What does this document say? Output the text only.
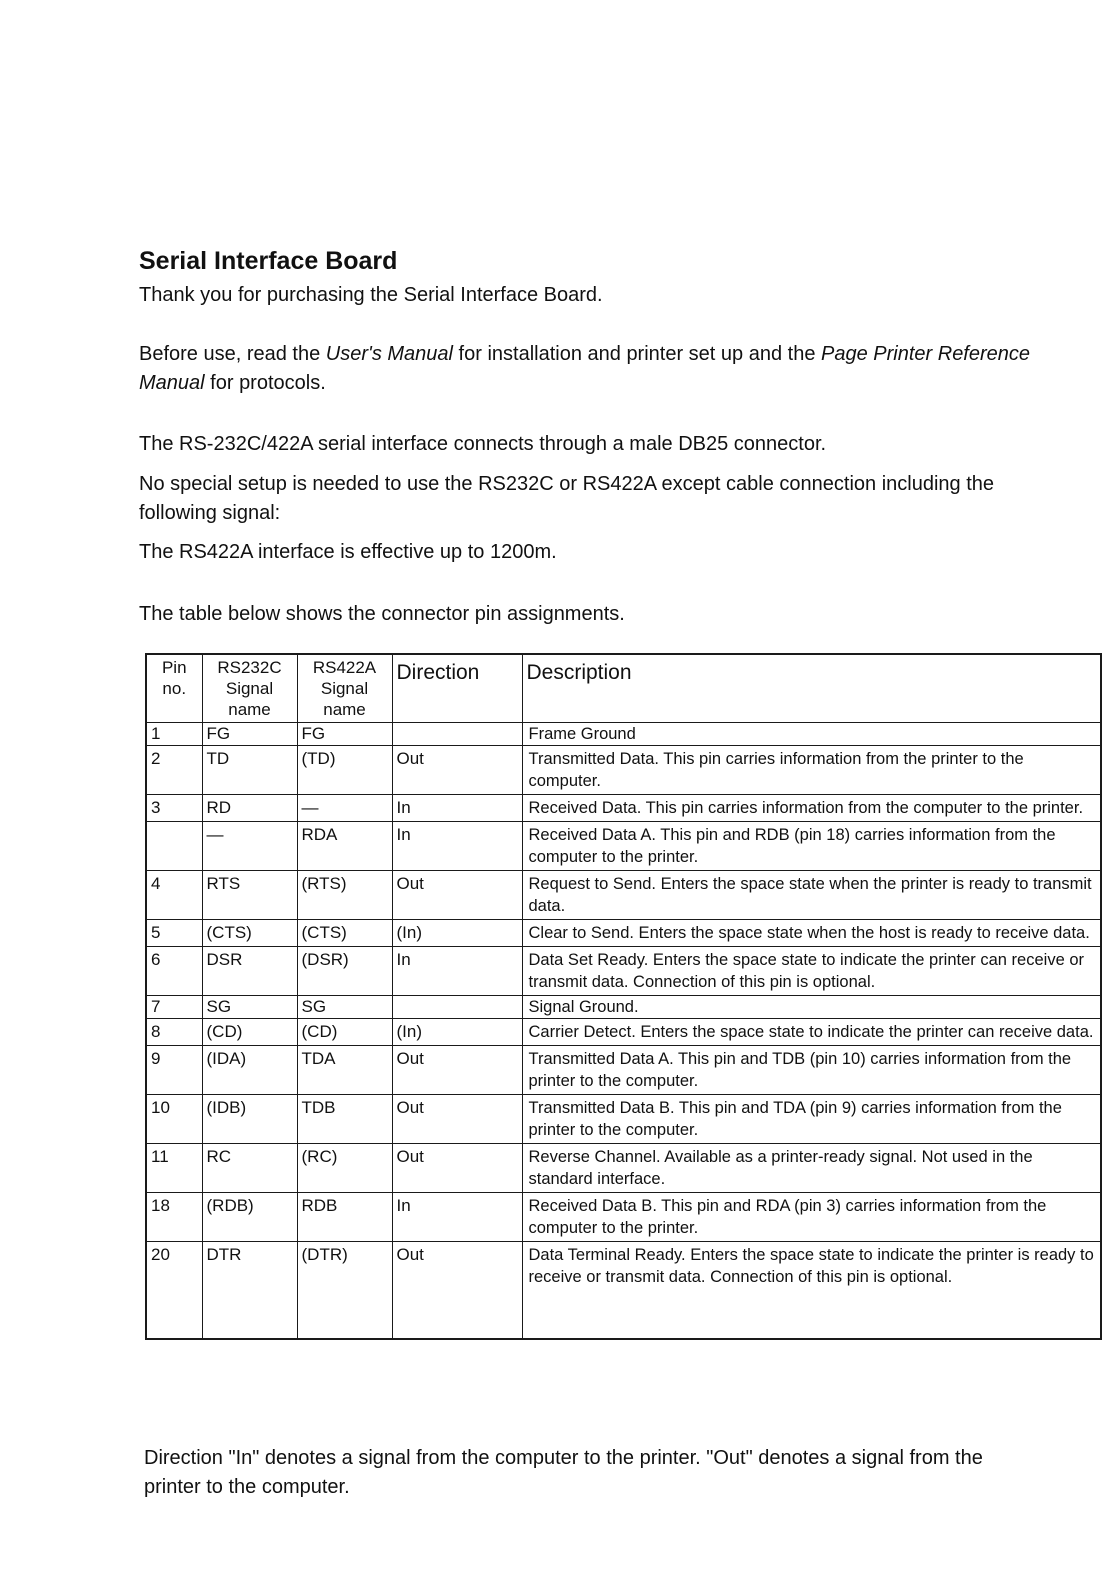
Serial Interface Board

Thank you for purchasing the Serial Interface Board.

Before use, read the User's Manual for installation and printer set up and the Page Printer Reference Manual for protocols.

The RS-232C/422A serial interface connects through a male DB25 connector.

No special setup is needed to use the RS232C or RS422A except cable connection including the following signal:

The RS422A interface is effective up to 1200m.

The table below shows the connector pin assignments.

Pin no.	RS232C Signal name	RS422A Signal name	Direction	Description
1	FG	FG		Frame Ground
2	TD	(TD)	Out	Transmitted Data. This pin carries information from the printer to the computer.
3	RD	—	In	Received Data. This pin carries information from the computer to the printer.
	—	RDA	In	Received Data A. This pin and RDB (pin 18) carries information from the computer to the printer.
4	RTS	(RTS)	Out	Request to Send. Enters the space state when the printer is ready to transmit data.
5	(CTS)	(CTS)	(In)	Clear to Send. Enters the space state when the host is ready to receive data.
6	DSR	(DSR)	In	Data Set Ready. Enters the space state to indicate the printer can receive or transmit data. Connection of this pin is optional.
7	SG	SG		Signal Ground.
8	(CD)	(CD)	(In)	Carrier Detect. Enters the space state to indicate the printer can receive data.
9	(IDA)	TDA	Out	Transmitted Data A. This pin and TDB (pin 10) carries information from the printer to the computer.
10	(IDB)	TDB	Out	Transmitted Data B. This pin and TDA (pin 9) carries information from the printer to the computer.
11	RC	(RC)	Out	Reverse Channel. Available as a printer-ready signal. Not used in the standard interface.
18	(RDB)	RDB	In	Received Data B. This pin and RDA (pin 3) carries information from the computer to the printer.
20	DTR	(DTR)	Out	Data Terminal Ready. Enters the space state to indicate the printer is ready to receive or transmit data. Connection of this pin is optional.

Direction "In" denotes a signal from the computer to the printer. "Out" denotes a signal from the printer to the computer.
